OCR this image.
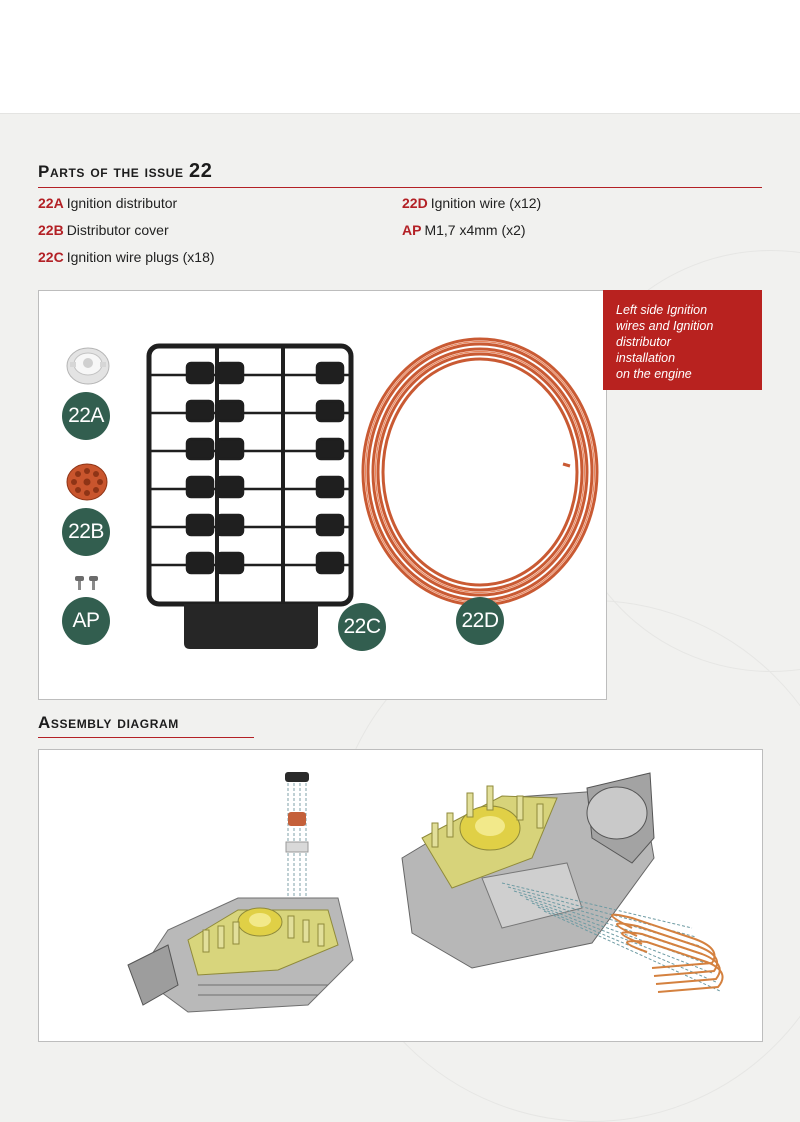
Parts of the issue 22
22A Ignition distributor
22B Distributor cover
22C Ignition wire plugs (x18)
22D Ignition wire (x12)
AP M1,7 x4mm (x2)
Left side Ignition
wires and Ignition
distributor
installation
on the engine
22A
22B
AP	22C	22D
Assembly diagram
